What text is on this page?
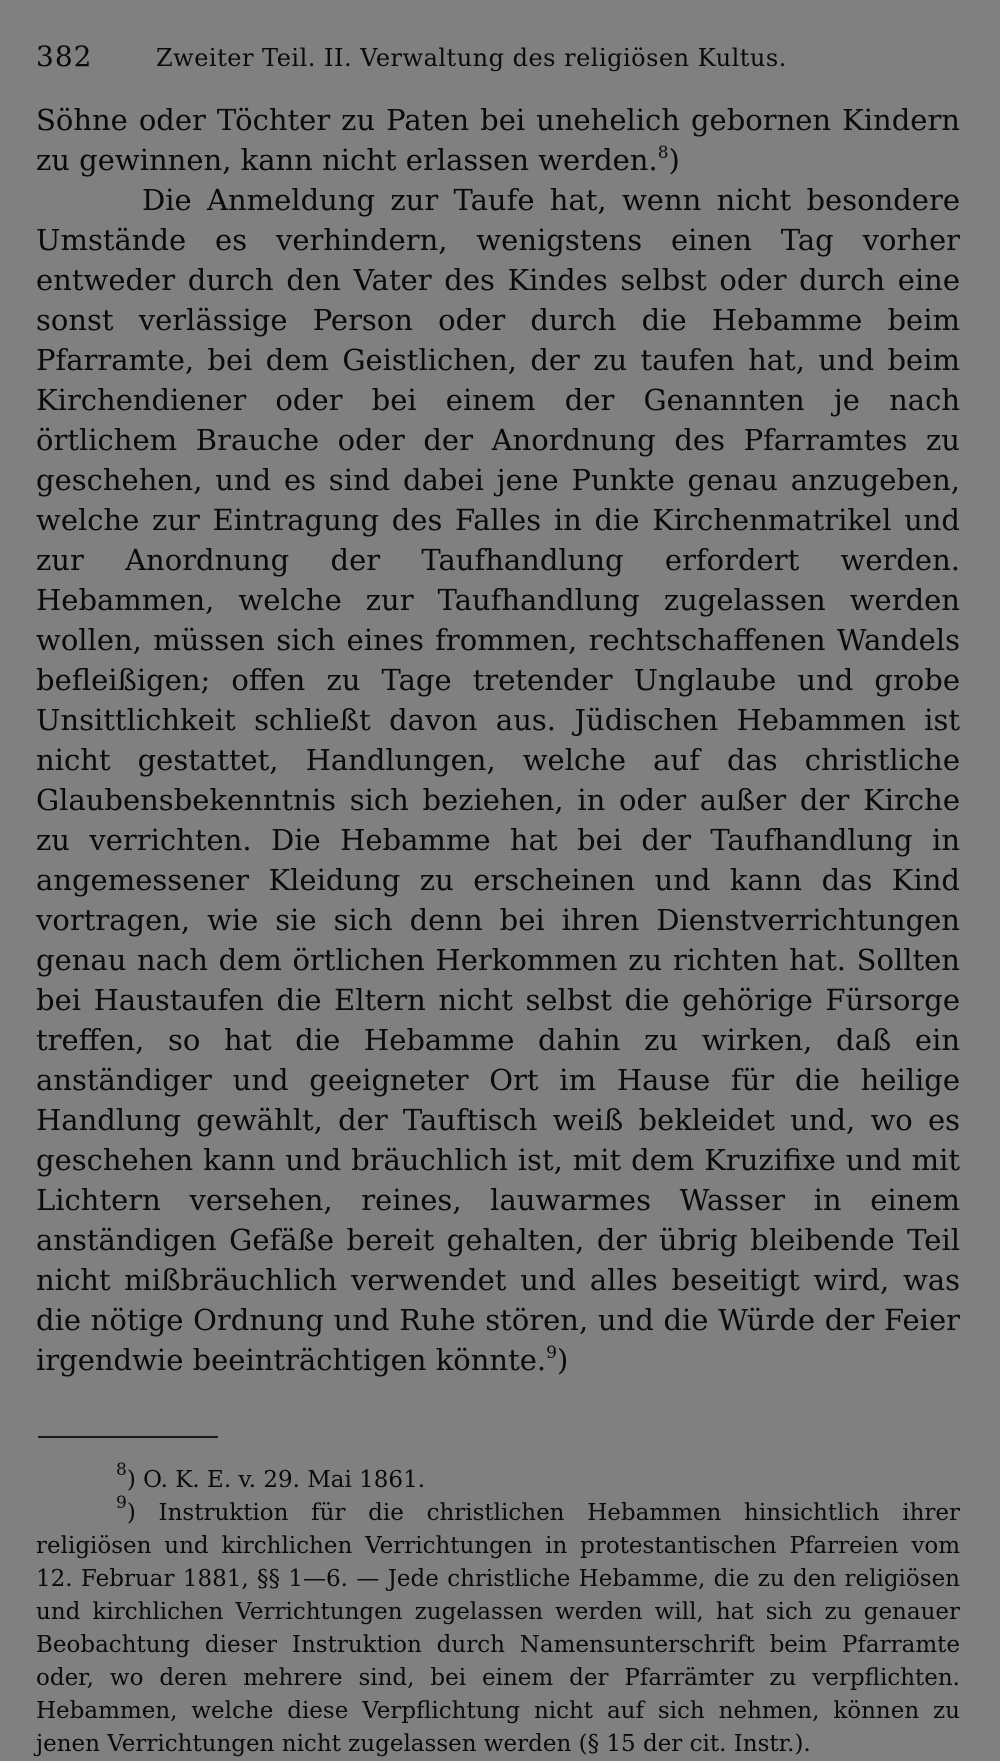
382	Zweiter Teil. II. Verwaltung des religiösen Kultus.

Söhne oder Töchter zu Paten bei unehelich gebornen Kindern zu gewinnen, kann nicht erlassen werden.$^8$)

Die Anmeldung zur Taufe hat, wenn nicht besondere Umstände es verhindern, wenigstens einen Tag vorher entweder durch den Vater des Kindes selbst oder durch eine sonst verlässige Person oder durch die Hebamme beim Pfarramte, bei dem Geistlichen, der zu taufen hat, und beim Kirchendiener oder bei einem der Genannten je nach örtlichem Brauche oder der Anordnung des Pfarramtes zu geschehen, und es sind dabei jene Punkte genau anzugeben, welche zur Eintragung des Falles in die Kirchenmatrikel und zur Anordnung der Taufhandlung erfordert werden. Hebammen, welche zur Taufhandlung zugelassen werden wollen, müssen sich eines frommen, rechtschaffenen Wandels befleißigen; offen zu Tage tretender Unglaube und grobe Unsittlichkeit schließt davon aus. Jüdischen Hebammen ist nicht gestattet, Handlungen, welche auf das christliche Glaubensbekenntnis sich beziehen, in oder außer der Kirche zu verrichten. Die Hebamme hat bei der Taufhandlung in angemessener Kleidung zu erscheinen und kann das Kind vortragen, wie sie sich denn bei ihren Dienstverrichtungen genau nach dem örtlichen Herkommen zu richten hat. Sollten bei Haustaufen die Eltern nicht selbst die gehörige Fürsorge treffen, so hat die Hebamme dahin zu wirken, daß ein anständiger und geeigneter Ort im Hause für die heilige Handlung gewählt, der Tauftisch weiß bekleidet und, wo es geschehen kann und bräuchlich ist, mit dem Kruzifixe und mit Lichtern versehen, reines, lauwarmes Wasser in einem anständigen Gefäße bereit gehalten, der übrig bleibende Teil nicht mißbräuchlich verwendet und alles beseitigt wird, was die nötige Ordnung und Ruhe stören, und die Würde der Feier irgendwie beeinträchtigen könnte.$^9$)

$^8$) O. K. E. v. 29. Mai 1861.

$^9$) Instruktion für die christlichen Hebammen hinsichtlich ihrer religiösen und kirchlichen Verrichtungen in protestantischen Pfarreien vom 12. Februar 1881, §§ 1—6. — Jede christliche Hebamme, die zu den religiösen und kirchlichen Verrichtungen zugelassen werden will, hat sich zu genauer Beobachtung dieser Instruktion durch Namensunterschrift beim Pfarramte oder, wo deren mehrere sind, bei einem der Pfarrämter zu verpflichten. Hebammen, welche diese Verpflichtung nicht auf sich nehmen, können zu jenen Verrichtungen nicht zugelassen werden (§ 15 der cit. Instr.).
